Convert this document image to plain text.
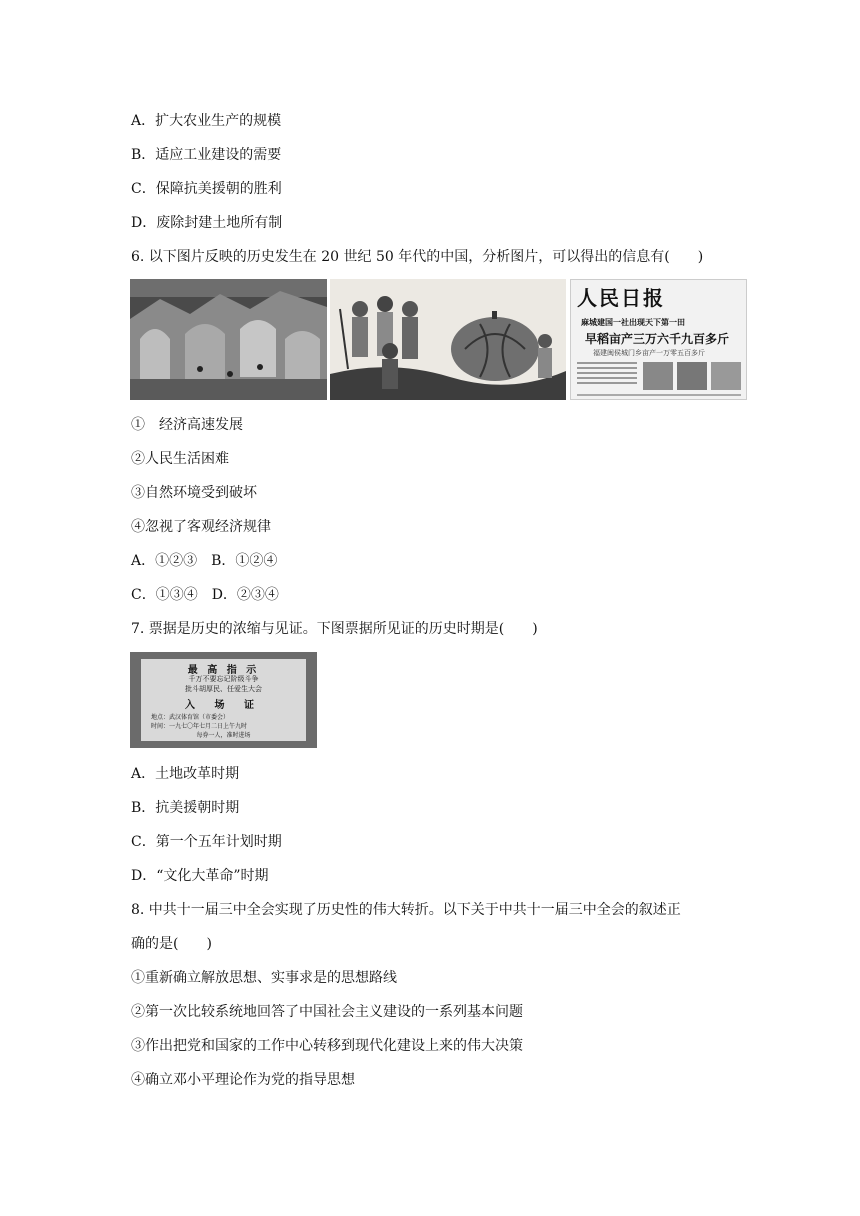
A．扩大农业生产的规模
B．适应工业建设的需要
C．保障抗美援朝的胜利
D．废除封建土地所有制
6. 以下图片反映的历史发生在 20 世纪 50 年代的中国，分析图片，可以得出的信息有(　　)
人民日报
麻城建国一社出现天下第一田
早稻亩产三万六千九百多斤
福建闽侯城门乡亩产一万零五百多斤
①　经济高速发展
②人民生活困难
③自然环境受到破坏
④忽视了客观经济规律
A．①②③　B．①②④
C．①③④　D．②③④
7. 票据是历史的浓缩与见证。下图票据所见证的历史时期是(　　)
最 高 指 示
千万不要忘记阶级斗争
批斗胡厚民、任爱生大会
入 场 证
地点：武汉体育馆（市委会）
时间：一九七〇年七月二日上午九时
每券一人，准时进场
A．土地改革时期
B．抗美援朝时期
C．第一个五年计划时期
D．“文化大革命”时期
8. 中共十一届三中全会实现了历史性的伟大转折。以下关于中共十一届三中全会的叙述正
确的是(　　)
①重新确立解放思想、实事求是的思想路线
②第一次比较系统地回答了中国社会主义建设的一系列基本问题
③作出把党和国家的工作中心转移到现代化建设上来的伟大决策
④确立邓小平理论作为党的指导思想
